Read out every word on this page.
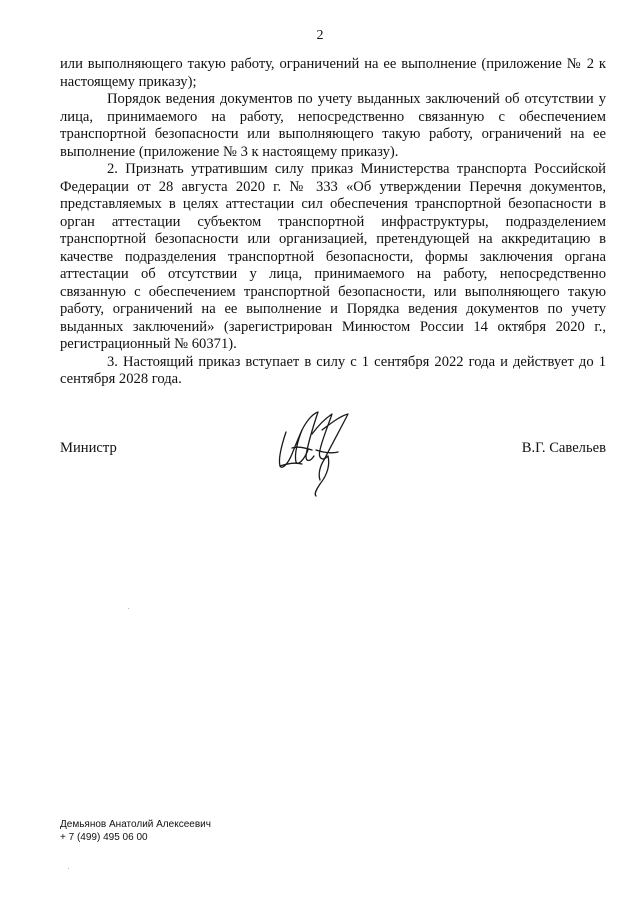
2

или выполняющего такую работу, ограничений на ее выполнение (приложение № 2 к настоящему приказу);

Порядок ведения документов по учету выданных заключений об отсутствии у лица, принимаемого на работу, непосредственно связанную с обеспечением транспортной безопасности или выполняющего такую работу, ограничений на ее выполнение (приложение № 3 к настоящему приказу).

2. Признать утратившим силу приказ Министерства транспорта Российской Федерации от 28 августа 2020 г. № 333 «Об утверждении Перечня документов, представляемых в целях аттестации сил обеспечения транспортной безопасности в орган аттестации субъектом транспортной инфраструктуры, подразделением транспортной безопасности или организацией, претендующей на аккредитацию в качестве подразделения транспортной безопасности, формы заключения органа аттестации об отсутствии у лица, принимаемого на работу, непосредственно связанную с обеспечением транспортной безопасности, или выполняющего такую работу, ограничений на ее выполнение и Порядка ведения документов по учету выданных заключений» (зарегистрирован Минюстом России 14 октября 2020 г., регистрационный № 60371).

3. Настоящий приказ вступает в силу с 1 сентября 2022 года и действует до 1 сентября 2028 года.

Министр	В.Г. Савельев
Демьянов Анатолий Алексеевич
+ 7 (499) 495 06 00
